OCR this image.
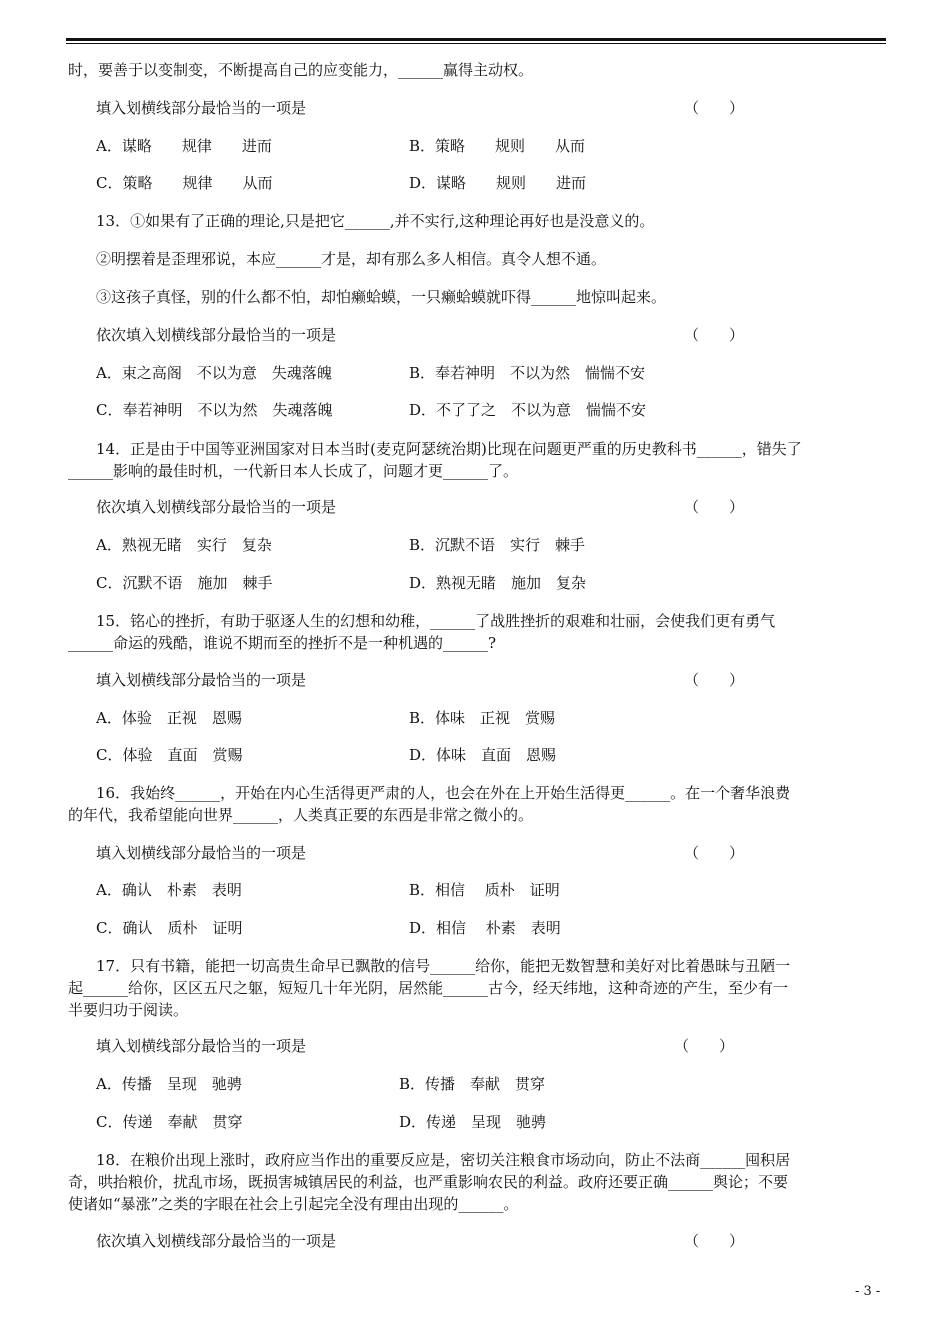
时，要善于以变制变，不断提高自己的应变能力，______赢得主动权。
填入划横线部分最恰当的一项是	（　　）
A．谋略　　规律　　进而	B．策略　　规则　　从而
C．策略　　规律　　从而	D．谋略　　规则　　进而
13．①如果有了正确的理论,只是把它______,并不实行,这种理论再好也是没意义的。
②明摆着是歪理邪说，本应______才是，却有那么多人相信。真令人想不通。
③这孩子真怪，别的什么都不怕，却怕癞蛤蟆，一只癞蛤蟆就吓得______地惊叫起来。
依次填入划横线部分最恰当的一项是	（　　）
A．束之高阁　不以为意　失魂落魄	B．奉若神明　不以为然　惴惴不安
C．奉若神明　不以为然　失魂落魄	D．不了了之　不以为意　惴惴不安
14．正是由于中国等亚洲国家对日本当时(麦克阿瑟统治期)比现在问题更严重的历史教科书______，错失了
______影响的最佳时机，一代新日本人长成了，问题才更______了。
依次填入划横线部分最恰当的一项是	（　　）
A．熟视无睹　实行　复杂	B．沉默不语　实行　棘手
C．沉默不语　施加　棘手	D．熟视无睹　施加　复杂
15．铭心的挫折，有助于驱逐人生的幻想和幼稚，______了战胜挫折的艰难和壮丽，会使我们更有勇气
______命运的残酷，谁说不期而至的挫折不是一种机遇的______?
填入划横线部分最恰当的一项是	（　　）
A．体验　正视　恩赐	B．体味　正视　赏赐
C．体验　直面　赏赐	D．体味　直面　恩赐
16．我始终______，开始在内心生活得更严肃的人，也会在外在上开始生活得更______。在一个奢华浪费
的年代，我希望能向世界______，人类真正要的东西是非常之微小的。
填入划横线部分最恰当的一项是	（　　）
A．确认　朴素　表明	B．相信　 质朴　证明
C．确认　质朴　证明	D．相信　 朴素　表明
17．只有书籍，能把一切高贵生命早已飘散的信号______给你，能把无数智慧和美好对比着愚昧与丑陋一
起______给你，区区五尺之躯，短短几十年光阴，居然能______古今，经天纬地，这种奇迹的产生，至少有一
半要归功于阅读。
填入划横线部分最恰当的一项是	（　　）
A．传播　呈现　驰骋	B．传播　奉献　贯穿
C．传递　奉献　贯穿	D．传递　呈现　驰骋
18．在粮价出现上涨时，政府应当作出的重要反应是，密切关注粮食市场动向，防止不法商______囤积居
奇，哄抬粮价，扰乱市场，既损害城镇居民的利益，也严重影响农民的利益。政府还要正确______舆论；不要
使诸如“暴涨”之类的字眼在社会上引起完全没有理由出现的______。
依次填入划横线部分最恰当的一项是	（　　）
- 3 -
